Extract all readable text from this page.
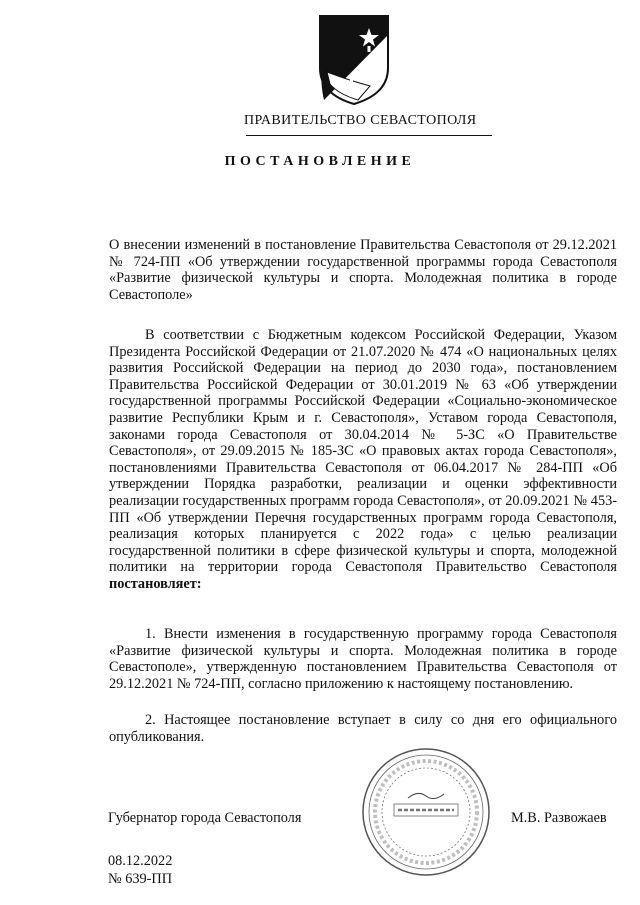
ПРАВИТЕЛЬСТВО СЕВАСТОПОЛЯ
ПОСТАНОВЛЕНИЕ

О внесении изменений в постановление Правительства Севастополя от 29.12.2021 № 724-ПП «Об утверждении государственной программы города Севастополя «Развитие физической культуры и спорта. Молодежная политика в городе Севастополе»

В соответствии с Бюджетным кодексом Российской Федерации, Указом Президента Российской Федерации от 21.07.2020 № 474 «О национальных целях развития Российской Федерации на период до 2030 года», постановлением Правительства Российской Федерации от 30.01.2019 № 63 «Об утверждении государственной программы Российской Федерации «Социально-экономическое развитие Республики Крым и г. Севастополя», Уставом города Севастополя, законами города Севастополя от 30.04.2014 № 5-ЗС «О Правительстве Севастополя», от 29.09.2015 № 185-ЗС «О правовых актах города Севастополя», постановлениями Правительства Севастополя от 06.04.2017 № 284-ПП «Об утверждении Порядка разработки, реализации и оценки эффективности реализации государственных программ города Севастополя», от 20.09.2021 № 453-ПП «Об утверждении Перечня государственных программ города Севастополя, реализация которых планируется с 2022 года» с целью реализации государственной политики в сфере физической культуры и спорта, молодежной политики на территории города Севастополя Правительство Севастополя постановляет:

1. Внести изменения в государственную программу города Севастополя «Развитие физической культуры и спорта. Молодежная политика в городе Севастополе», утвержденную постановлением Правительства Севастополя от 29.12.2021 № 724-ПП, согласно приложению к настоящему постановлению.

2. Настоящее постановление вступает в силу со дня его официального опубликования.

Губернатор города Севастополя	М.В. Развожаев
08.12.2022
№ 639-ПП
